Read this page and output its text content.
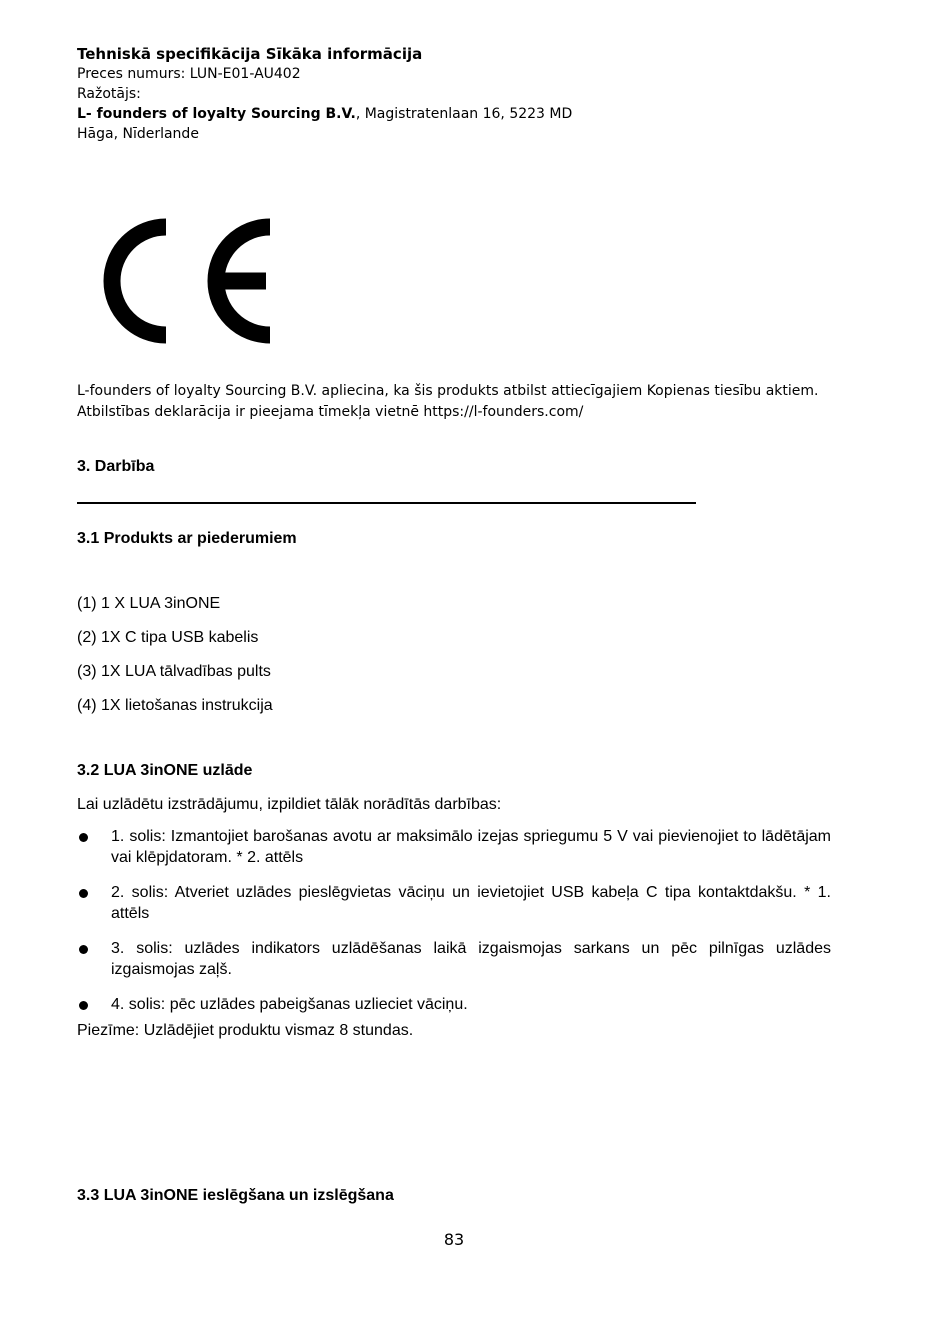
Tehniskā specifikācija Sīkāka informācija
Preces numurs: LUN-E01-AU402
Ražotājs:
L- founders of loyalty Sourcing B.V., Magistratenlaan 16, 5223 MD
Hāga, Nīderlande
L-founders of loyalty Sourcing B.V. apliecina, ka šis produkts atbilst attiecīgajiem Kopienas tiesību aktiem.
Atbilstības deklarācija ir pieejama tīmekļa vietnē https://l-founders.com/
3. Darbība
3.1 Produkts ar piederumiem
(1) 1 X LUA 3inONE
(2) 1X C tipa USB kabelis
(3) 1X LUA tālvadības pults
(4) 1X lietošanas instrukcija
3.2 LUA 3inONE uzlāde
Lai uzlādētu izstrādājumu, izpildiet tālāk norādītās darbības:
1. solis: Izmantojiet barošanas avotu ar maksimālo izejas spriegumu 5 V vai pievienojiet to lādētājam vai klēpjdatoram. * 2. attēls
2. solis: Atveriet uzlādes pieslēgvietas vāciņu un ievietojiet USB kabeļa C tipa kontaktdakšu. * 1. attēls
3. solis: uzlādes indikators uzlādēšanas laikā izgaismojas sarkans un pēc pilnīgas uzlādes izgaismojas zaļš.
4. solis: pēc uzlādes pabeigšanas uzlieciet vāciņu.
Piezīme: Uzlādējiet produktu vismaz 8 stundas.
3.3 LUA 3inONE ieslēgšana un izslēgšana
83
